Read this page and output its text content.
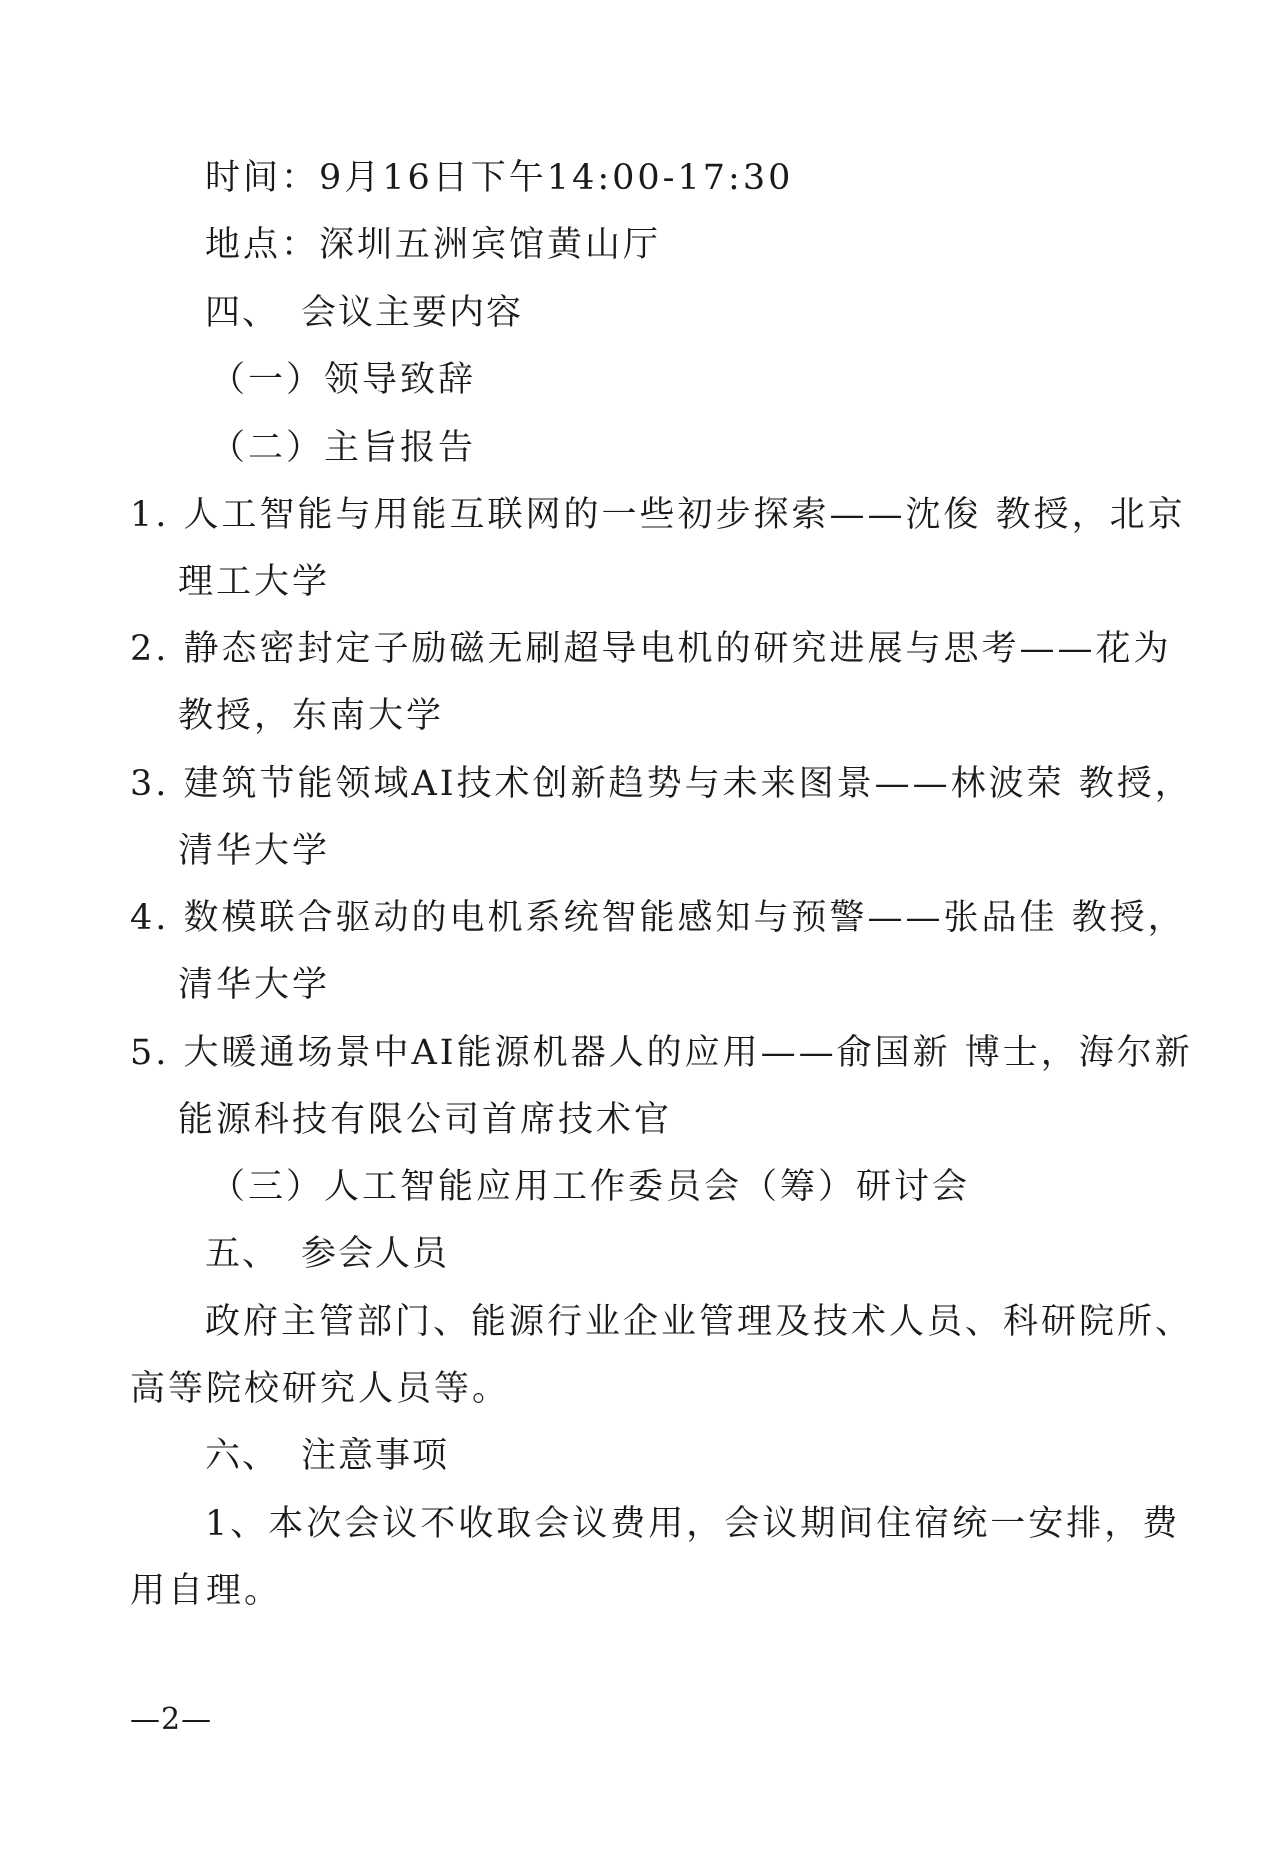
时间：9月16日下午14:00-17:30
地点：深圳五洲宾馆黄山厅
四、 会议主要内容
（一）领导致辞
（二）主旨报告
1. 人工智能与用能互联网的一些初步探索——沈俊 教授，北京
理工大学
2. 静态密封定子励磁无刷超导电机的研究进展与思考——花为
教授，东南大学
3. 建筑节能领域AI技术创新趋势与未来图景——林波荣 教授，
清华大学
4. 数模联合驱动的电机系统智能感知与预警——张品佳 教授，
清华大学
5. 大暖通场景中AI能源机器人的应用——俞国新 博士，海尔新
能源科技有限公司首席技术官
（三）人工智能应用工作委员会（筹）研讨会
五、 参会人员
政府主管部门、能源行业企业管理及技术人员、科研院所、
高等院校研究人员等。
六、 注意事项
1、本次会议不收取会议费用，会议期间住宿统一安排，费
用自理。
—2—
